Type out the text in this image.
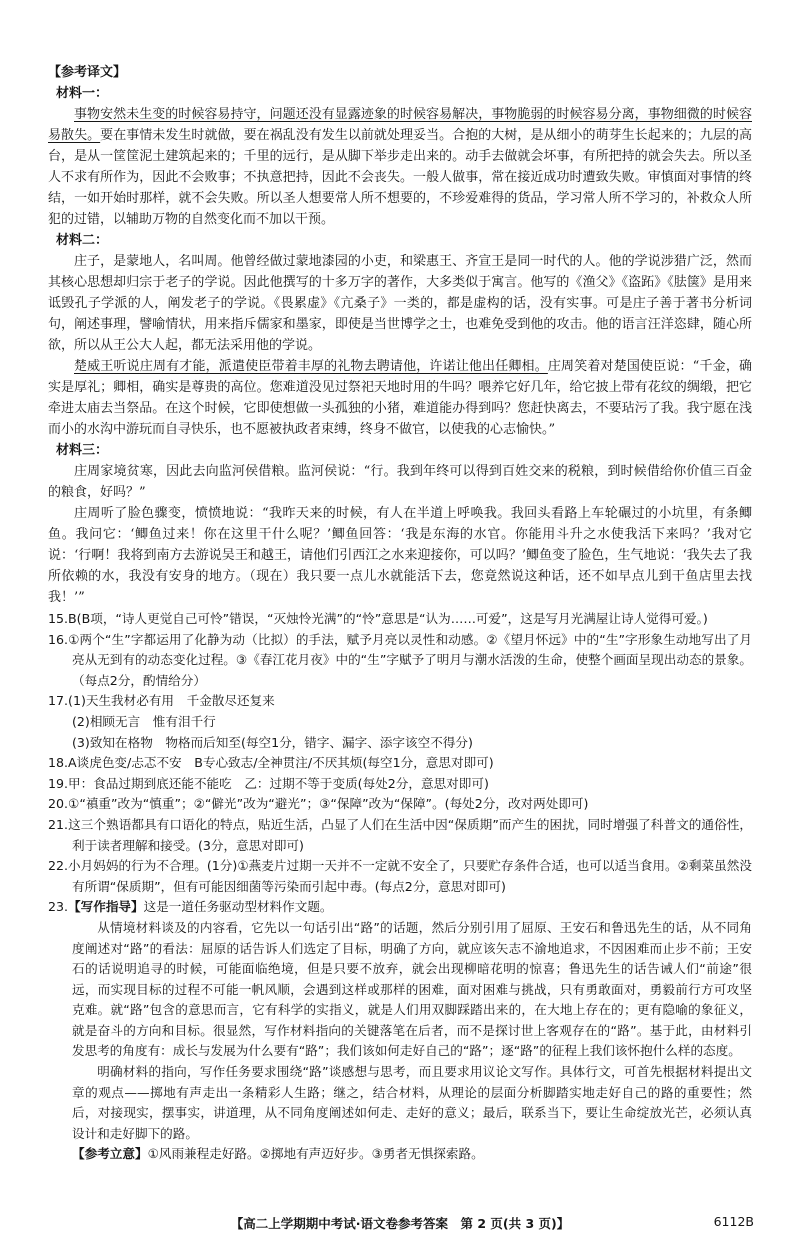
【参考译文】

材料一：

事物安然未生变的时候容易持守，问题还没有显露迹象的时候容易解决，事物脆弱的时候容易分离，事物细微的时候容易散失。要在事情未发生时就做，要在祸乱没有发生以前就处理妥当。合抱的大树，是从细小的萌芽生长起来的；九层的高台，是从一筐筐泥土建筑起来的；千里的远行，是从脚下举步走出来的。动手去做就会坏事，有所把持的就会失去。所以圣人不求有所作为，因此不会败事；不执意把持，因此不会丧失。一般人做事，常在接近成功时遭致失败。审慎面对事情的终结，一如开始时那样，就不会失败。所以圣人想要常人所不想要的，不珍爱难得的货品，学习常人所不学习的，补救众人所犯的过错，以辅助万物的自然变化而不加以干预。

材料二：

庄子，是蒙地人，名叫周。他曾经做过蒙地漆园的小吏，和梁惠王、齐宣王是同一时代的人。他的学说涉猎广泛，然而其核心思想却归宗于老子的学说。因此他撰写的十多万字的著作，大多类似于寓言。他写的《渔父》《盗跖》《胠箧》是用来诋毁孔子学派的人，阐发老子的学说。《畏累虚》《亢桑子》一类的，都是虚构的话，没有实事。可是庄子善于著书分析词句，阐述事理，譬喻情状，用来指斥儒家和墨家，即使是当世博学之士，也难免受到他的攻击。他的语言汪洋恣肆，随心所欲，所以从王公大人起，都无法采用他的学说。

楚威王听说庄周有才能，派遣使臣带着丰厚的礼物去聘请他，许诺让他出任卿相。庄周笑着对楚国使臣说：“千金，确实是厚礼；卿相，确实是尊贵的高位。您难道没见过祭祀天地时用的牛吗？喂养它好几年，给它披上带有花纹的绸缎，把它牵进太庙去当祭品。在这个时候，它即使想做一头孤独的小猪，难道能办得到吗？您赶快离去，不要玷污了我。我宁愿在浅而小的水沟中游玩而自寻快乐，也不愿被执政者束缚，终身不做官，以使我的心志愉快。”

材料三：

庄周家境贫寒，因此去向监河侯借粮。监河侯说：“行。我到年终可以得到百姓交来的税粮，到时候借给你价值三百金的粮食，好吗？”

庄周听了脸色骤变，愤愤地说：“我昨天来的时候，有人在半道上呼唤我。我回头看路上车轮碾过的小坑里，有条鲫鱼。我问它：‘鲫鱼过来！你在这里干什么呢？’鲫鱼回答：‘我是东海的水官。你能用斗升之水使我活下来吗？’我对它说：‘行啊！我将到南方去游说吴王和越王，请他们引西江之水来迎接你，可以吗？’鲫鱼变了脸色，生气地说：‘我失去了我所依赖的水，我没有安身的地方。（现在）我只要一点儿水就能活下去，您竟然说这种话，还不如早点儿到干鱼店里去找我！’”

15.B(B项，“诗人更觉自己可怜”错误，“灭烛怜光满”的“怜”意思是“认为……可爱”，这是写月光满屋让诗人觉得可爱。)

16.①两个“生”字都运用了化静为动（比拟）的手法，赋予月亮以灵性和动感。②《望月怀远》中的“生”字形象生动地写出了月亮从无到有的动态变化过程。③《春江花月夜》中的“生”字赋予了明月与潮水活泼的生命，使整个画面呈现出动态的景象。（每点2分，酌情给分）

17.(1)天生我材必有用　千金散尽还复来

(2)相顾无言　惟有泪千行

(3)致知在格物　物格而后知至(每空1分，错字、漏字、添字该空不得分)

18.A谈虎色变/忐忑不安　B专心致志/全神贯注/不厌其烦(每空1分，意思对即可)

19.甲：食品过期到底还能不能吃　乙：过期不等于变质(每处2分，意思对即可)

20.①“禛重”改为“慎重”；②“僻光”改为“避光”；③“保障”改为“保障”。(每处2分，改对两处即可)

21.这三个熟语都具有口语化的特点，贴近生活，凸显了人们在生活中因“保质期”而产生的困扰，同时增强了科普文的通俗性，利于读者理解和接受。(3分，意思对即可)

22.小月妈妈的行为不合理。(1分)①燕麦片过期一天并不一定就不安全了，只要贮存条件合适，也可以适当食用。②剩菜虽然没有所谓“保质期”，但有可能因细菌等污染而引起中毒。(每点2分，意思对即可)

23.【写作指导】这是一道任务驱动型材料作文题。

从情境材料谈及的内容看，它先以一句话引出“路”的话题，然后分别引用了屈原、王安石和鲁迅先生的话，从不同角度阐述对“路”的看法：屈原的话告诉人们选定了目标，明确了方向，就应该矢志不渝地追求，不因困难而止步不前；王安石的话说明追寻的时候，可能面临绝境，但是只要不放弃，就会出现柳暗花明的惊喜；鲁迅先生的话告诫人们“前途”很远，而实现目标的过程不可能一帆风顺，会遇到这样或那样的困难，面对困难与挑战，只有勇敢面对，勇毅前行方可攻坚克难。就“路”包含的意思而言，它有科学的实指义，就是人们用双脚踩踏出来的，在大地上存在的；更有隐喻的象征义，就是奋斗的方向和目标。很显然，写作材料指向的关键落笔在后者，而不是探讨世上客观存在的“路”。基于此，由材料引发思考的角度有：成长与发展为什么要有“路”；我们该如何走好自己的“路”；逐“路”的征程上我们该怀抱什么样的态度。

明确材料的指向，写作任务要求围绕“路”谈感想与思考，而且要求用议论文写作。具体行文，可首先根据材料提出文章的观点——掷地有声走出一条精彩人生路；继之，结合材料，从理论的层面分析脚踏实地走好自己的路的重要性；然后，对接现实，摆事实，讲道理，从不同角度阐述如何走、走好的意义；最后，联系当下，要让生命绽放光芒，必须认真设计和走好脚下的路。

【参考立意】①风雨兼程走好路。②掷地有声迈好步。③勇者无惧探索路。

【高二上学期期中考试·语文卷参考答案　第 2 页(共 3 页)】	6112B
